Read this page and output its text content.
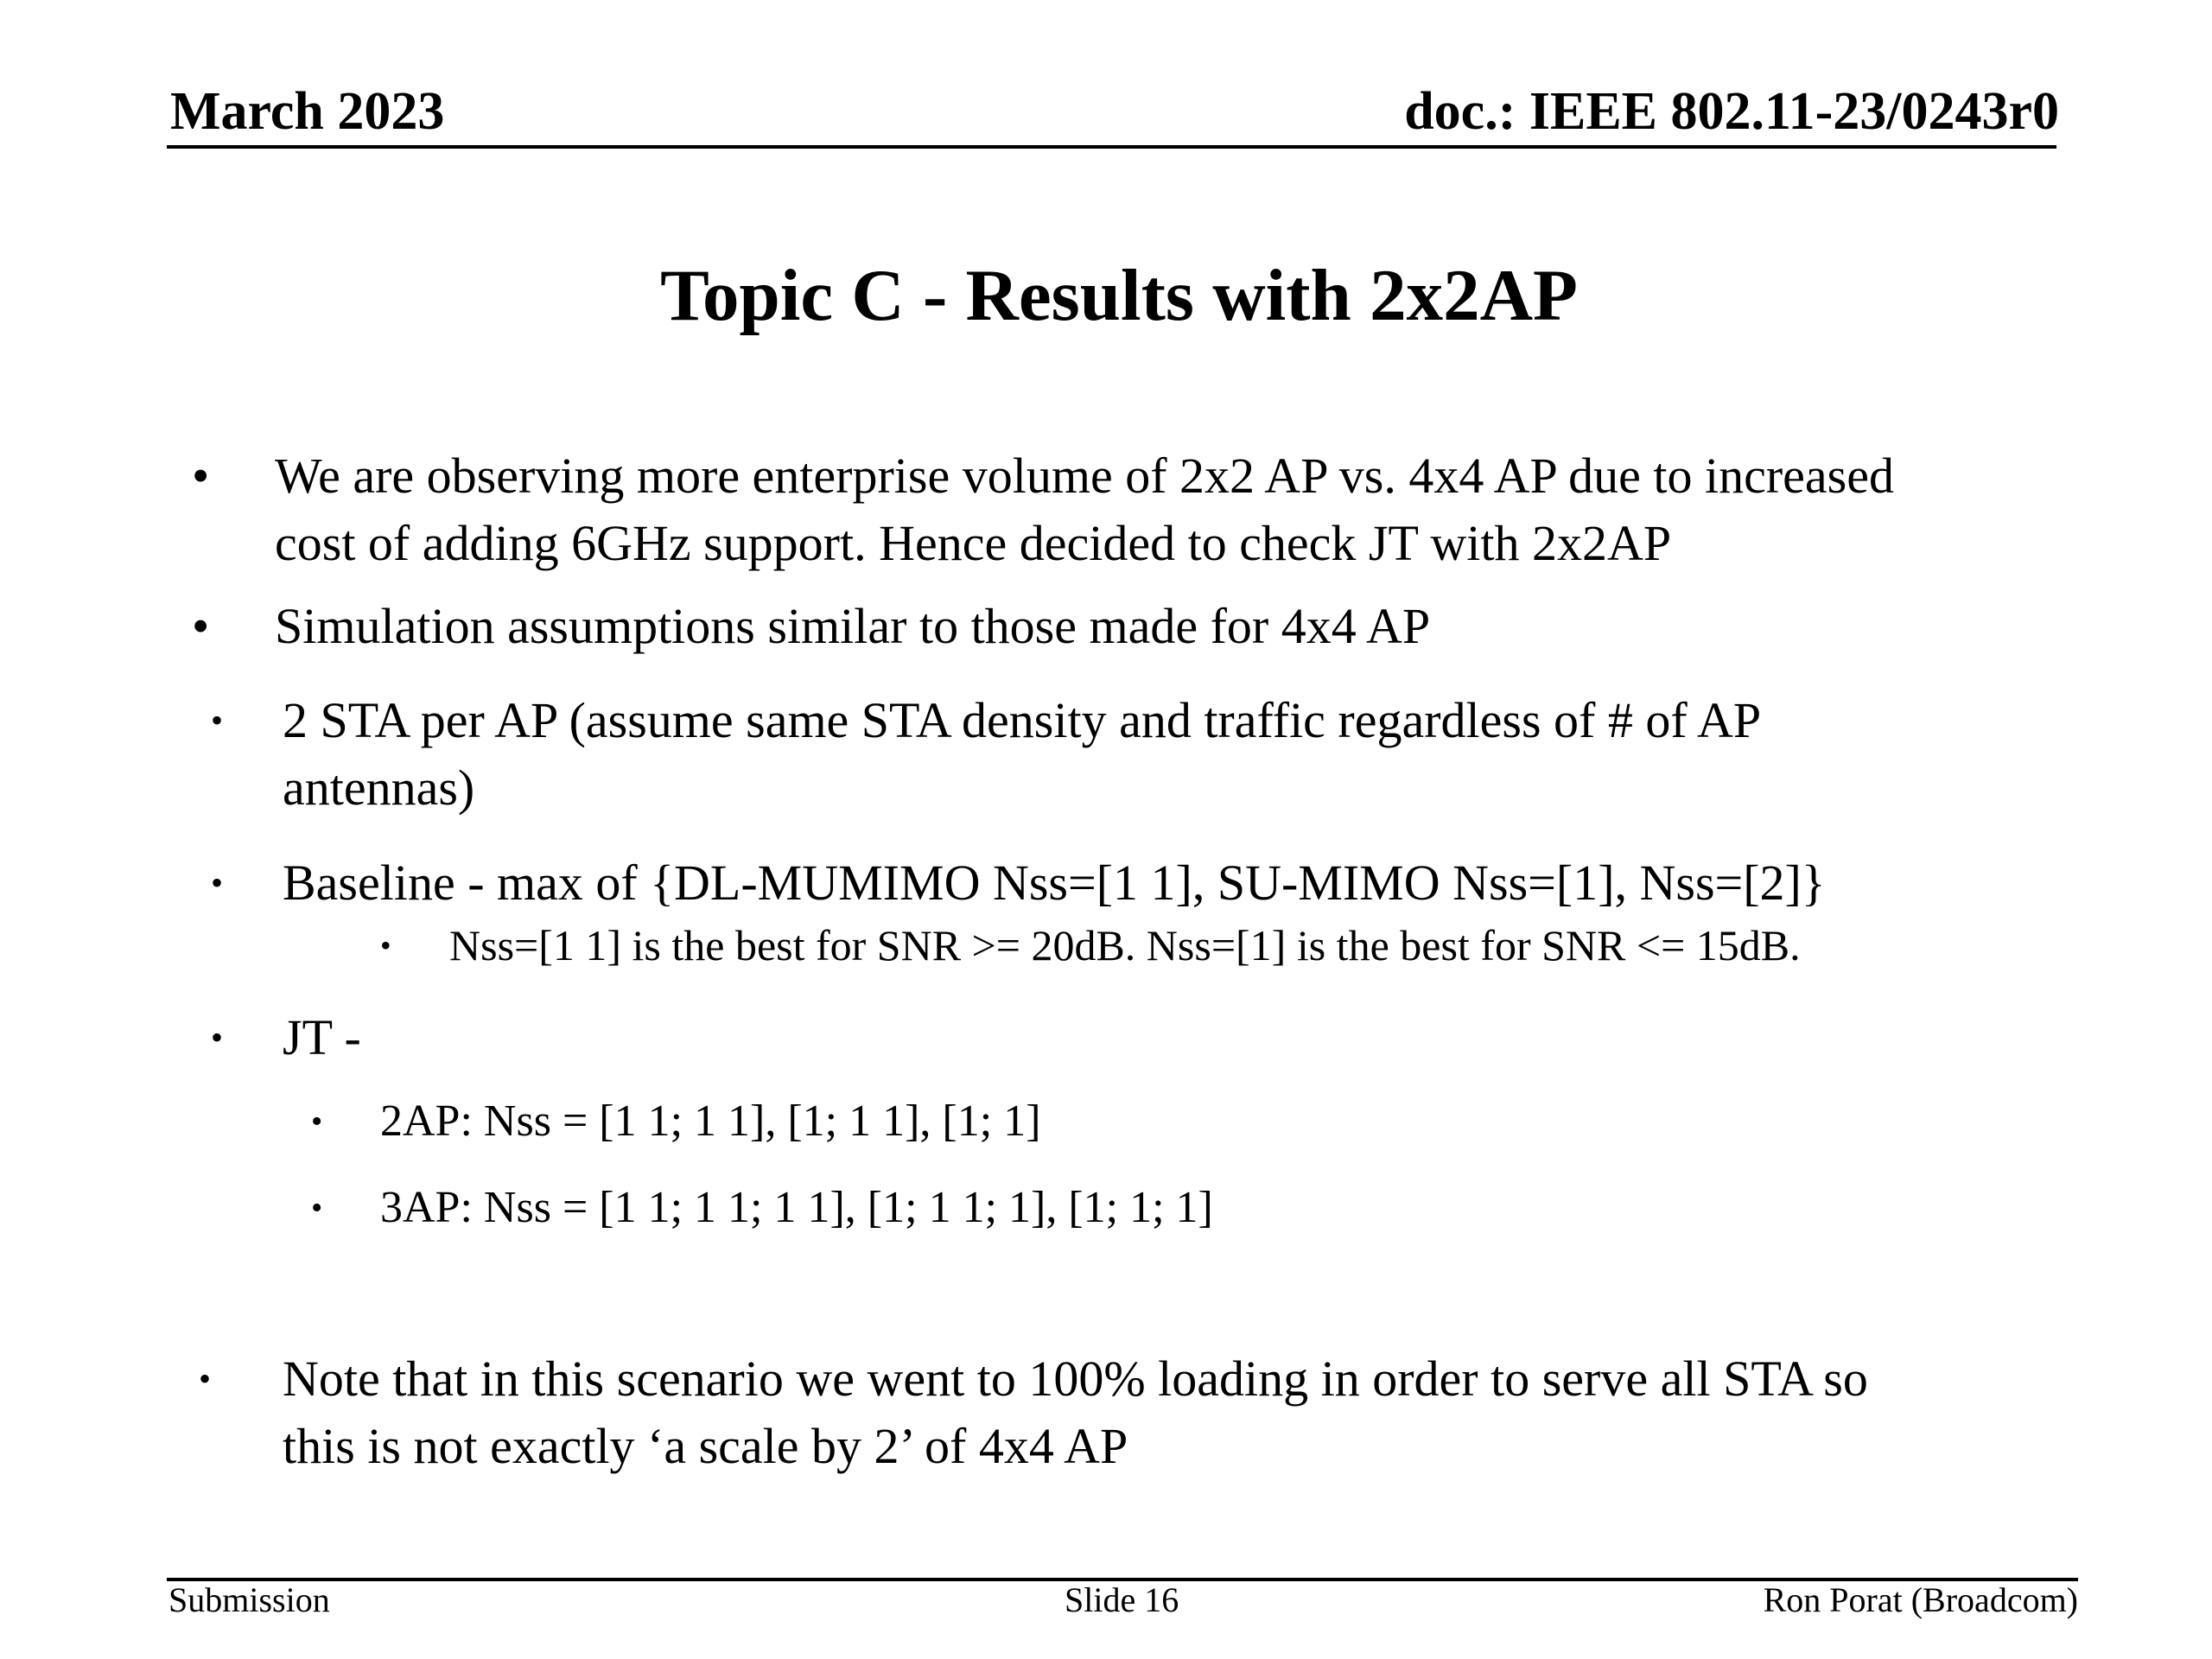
March 2023	doc.: IEEE 802.11-23/0243r0
Topic C - Results with 2x2AP
• We are observing more enterprise volume of 2x2 AP vs. 4x4 AP due to increased
cost of adding 6GHz support. Hence decided to check JT with 2x2AP
• Simulation assumptions similar to those made for 4x4 AP
• 2 STA per AP (assume same STA density and traffic regardless of # of AP
antennas)
• Baseline - max of {DL-MUMIMO Nss=[1 1], SU-MIMO Nss=[1], Nss=[2]}
• Nss=[1 1] is the best for SNR >= 20dB. Nss=[1] is the best for SNR <= 15dB.
• JT -
• 2AP: Nss = [1 1; 1 1], [1; 1 1], [1; 1]
• 3AP: Nss = [1 1; 1 1; 1 1], [1; 1 1; 1], [1; 1; 1]
• Note that in this scenario we went to 100% loading in order to serve all STA so
this is not exactly ‘a scale by 2’ of 4x4 AP
Submission	Slide 16	Ron Porat (Broadcom)
